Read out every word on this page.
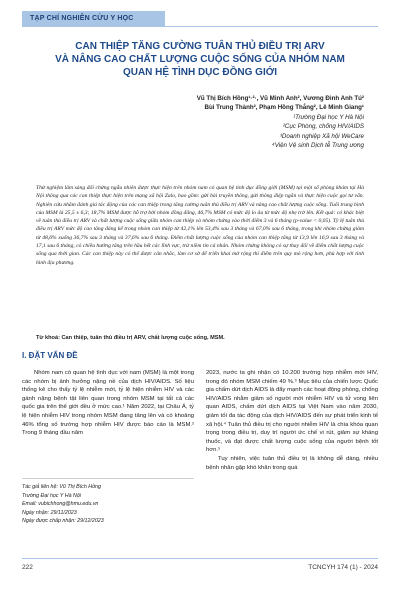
TẠP CHÍ NGHIÊN CỨU Y HỌC
CAN THIỆP TĂNG CƯỜNG TUÂN THỦ ĐIỀU TRỊ ARV
VÀ NÂNG CAO CHẤT LƯỢNG CUỘC SỐNG CỦA NHÓM NAM
QUAN HỆ TÌNH DỤC ĐỒNG GIỚI
Vũ Thị Bích Hồng¹·²·, Vũ Minh Anh², Vương Đình Anh Tú²
Bùi Trung Thành², Phạm Hồng Thắng², Lê Minh Giang¹
¹Trường Đại học Y Hà Nội
²Cục Phòng, chống HIV/AIDS
³Doanh nghiệp Xã hội WeCare
⁴Viện Vệ sinh Dịch tễ Trung ương
Thử nghiệm lâm sàng đối chứng ngẫu nhiên được thực hiện trên nhóm nam có quan hệ tình dục đồng giới (MSM) tại một số phòng khám tại Hà Nội thông qua các can thiệp thực hiện trên mạng xã hội Zalo, bao gồm: gửi bài truyền thông, gửi thông điệp ngắn và thực hiện cuộc gọi tư vấn. Nghiên cứu nhằm đánh giá tác động của các can thiệp trong tăng cường tuân thủ điều trị ARV và nâng cao chất lượng cuộc sống. Tuổi trung bình của MSM là 25,5 ± 6,3; 18,7% MSM được hỗ trợ bởi nhóm đồng đẳng, 46,7% MSM có mức độ lo âu từ mức độ nhẹ trở lên. Kết quả: có khác biệt về tuân thủ điều trị ARV và chất lượng cuộc sống giữa nhóm can thiệp và nhóm chứng vào thời điểm 3 và 6 tháng (p-value < 0,05). Tỷ lệ tuân thủ điều trị ARV mức độ cao tăng đáng kể trong nhóm can thiệp từ 42,1% lên 53,4% sau 3 tháng và 67,0% sau 6 tháng, trong khi nhóm chứng giảm từ 48,6% xuống 36,7% sau 3 tháng và 37,6% sau 6 tháng. Điểm chất lượng cuộc sống của nhóm can thiệp tăng từ 13,9 lên 16,9 sau 3 tháng và 17,1 sau 6 tháng, có chiều hướng tăng trên hầu hết các lĩnh vực, trừ niềm tin cá nhân. Nhóm chứng không có sự thay đổi về điểm chất lượng cuộc sống qua thời gian. Các can thiệp này có thể được cân nhắc, làm cơ sở để triển khai mở rộng thí điểm trên quy mô rộng hơn, phù hợp với tình hình địa phương.
Từ khoá: Can thiệp, tuân thủ điều trị ARV, chất lượng cuộc sống, MSM.
I. ĐẶT VẤN ĐỀ

Nhóm nam có quan hệ tình dục với nam (MSM) là một trong các nhóm bị ảnh hưởng nặng nề của dịch HIV/AIDS. Số liệu thống kê cho thấy tỷ lệ nhiễm mới, tỷ lệ hiện nhiễm HIV và các gánh nặng bệnh tật liên quan trong nhóm MSM tại tất cả các quốc gia trên thế giới đều ở mức cao.¹ Năm 2022, tại Châu Á, tỷ lệ hiện nhiễm HIV trong nhóm MSM đang tăng lên và có khoảng 46% tổng số trường hợp nhiễm HIV được báo cáo là MSM.² Trong 9 tháng đầu năm

2023, nước ta ghi nhận có 10.200 trường hợp nhiễm mới HIV, trong đó nhóm MSM chiếm 49 %.³ Mục tiêu của chiến lược Quốc gia chấm dứt dịch AIDS là đẩy mạnh các hoạt động phòng, chống HIV/AIDS nhằm giảm số người mới nhiễm HIV và tử vong liên quan AIDS, chấm dứt dịch AIDS tại Việt Nam vào năm 2030, giảm tối đa tác động của dịch HIV/AIDS đến sự phát triển kinh tế xã hội.⁴ Tuân thủ điều trị cho người nhiễm HIV là chìa khóa quan trọng trong điều trị, duy trì người ức chế vi rút, giảm sự kháng thuốc, và đạt được chất lượng cuộc sống của người bệnh tốt hơn.⁵

Tuy nhiên, việc tuân thủ điều trị là không dễ dàng, nhiều bệnh nhân gặp khó khăn trong quá

Tác giả liên hệ: Vũ Thị Bích Hồng
Trường Đại học Y Hà Nội
Email: vubichhong@hmu.edu.vn
Ngày nhận: 29/11/2023
Ngày được chấp nhận: 29/12/2023
222	TCNCYH 174 (1) - 2024
